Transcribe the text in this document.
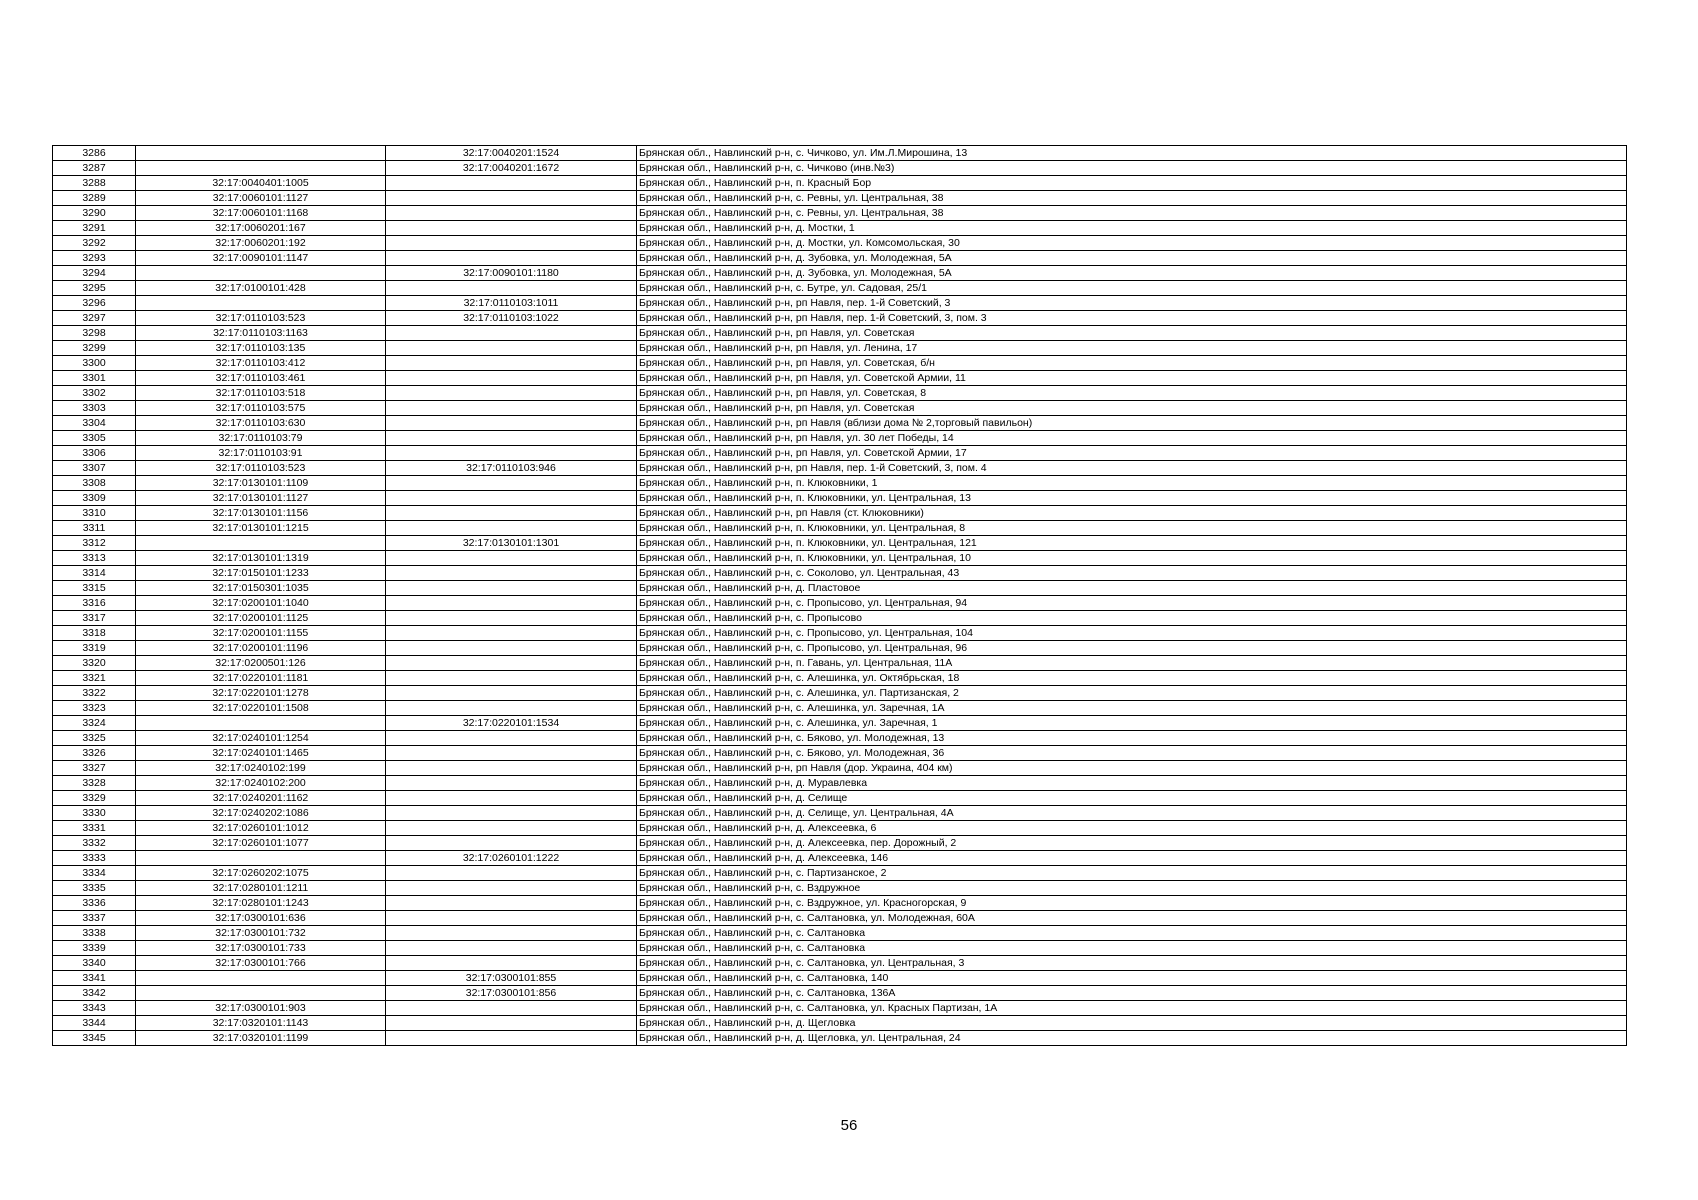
3286		32:17:0040201:1524	Брянская обл., Навлинский р-н, с. Чичково, ул. Им.Л.Мирошина, 13
3287		32:17:0040201:1672	Брянская обл., Навлинский р-н, с. Чичково (инв.№3)
3288	32:17:0040401:1005		Брянская обл., Навлинский р-н, п. Красный Бор
3289	32:17:0060101:1127		Брянская обл., Навлинский р-н, с. Ревны, ул. Центральная, 38
3290	32:17:0060101:1168		Брянская обл., Навлинский р-н, с. Ревны, ул. Центральная, 38
3291	32:17:0060201:167		Брянская обл., Навлинский р-н, д. Мостки, 1
3292	32:17:0060201:192		Брянская обл., Навлинский р-н, д. Мостки, ул. Комсомольская, 30
3293	32:17:0090101:1147		Брянская обл., Навлинский р-н, д. Зубовка, ул. Молодежная, 5А
3294		32:17:0090101:1180	Брянская обл., Навлинский р-н, д. Зубовка, ул. Молодежная, 5А
3295	32:17:0100101:428		Брянская обл., Навлинский р-н, с. Бутре, ул. Садовая, 25/1
3296		32:17:0110103:1011	Брянская обл., Навлинский р-н, рп Навля, пер. 1-й Советский, 3
3297	32:17:0110103:523	32:17:0110103:1022	Брянская обл., Навлинский р-н, рп Навля, пер. 1-й Советский, 3, пом. 3
3298	32:17:0110103:1163		Брянская обл., Навлинский р-н, рп Навля, ул. Советская
3299	32:17:0110103:135		Брянская обл., Навлинский р-н, рп Навля, ул. Ленина, 17
3300	32:17:0110103:412		Брянская обл., Навлинский р-н, рп Навля, ул. Советская, б/н
3301	32:17:0110103:461		Брянская обл., Навлинский р-н, рп Навля, ул. Советской Армии, 11
3302	32:17:0110103:518		Брянская обл., Навлинский р-н, рп Навля, ул. Советская, 8
3303	32:17:0110103:575		Брянская обл., Навлинский р-н, рп Навля, ул. Советская
3304	32:17:0110103:630		Брянская обл., Навлинский р-н, рп Навля (вблизи дома № 2,торговый павильон)
3305	32:17:0110103:79		Брянская обл., Навлинский р-н, рп Навля, ул. 30 лет Победы, 14
3306	32:17:0110103:91		Брянская обл., Навлинский р-н, рп Навля, ул. Советской Армии, 17
3307	32:17:0110103:523	32:17:0110103:946	Брянская обл., Навлинский р-н, рп Навля, пер. 1-й Советский, 3, пом. 4
3308	32:17:0130101:1109		Брянская обл., Навлинский р-н, п. Клюковники, 1
3309	32:17:0130101:1127		Брянская обл., Навлинский р-н, п. Клюковники, ул. Центральная, 13
3310	32:17:0130101:1156		Брянская обл., Навлинский р-н, рп Навля (ст. Клюковники)
3311	32:17:0130101:1215		Брянская обл., Навлинский р-н, п. Клюковники, ул. Центральная, 8
3312		32:17:0130101:1301	Брянская обл., Навлинский р-н, п. Клюковники, ул. Центральная, 121
3313	32:17:0130101:1319		Брянская обл., Навлинский р-н, п. Клюковники, ул. Центральная, 10
3314	32:17:0150101:1233		Брянская обл., Навлинский р-н, с. Соколово, ул. Центральная, 43
3315	32:17:0150301:1035		Брянская обл., Навлинский р-н, д. Пластовое
3316	32:17:0200101:1040		Брянская обл., Навлинский р-н, с. Пропысово, ул. Центральная, 94
3317	32:17:0200101:1125		Брянская обл., Навлинский р-н, с. Пропысово
3318	32:17:0200101:1155		Брянская обл., Навлинский р-н, с. Пропысово, ул. Центральная, 104
3319	32:17:0200101:1196		Брянская обл., Навлинский р-н, с. Пропысово, ул. Центральная, 96
3320	32:17:0200501:126		Брянская обл., Навлинский р-н, п. Гавань, ул. Центральная, 11А
3321	32:17:0220101:1181		Брянская обл., Навлинский р-н, с. Алешинка, ул. Октябрьская, 18
3322	32:17:0220101:1278		Брянская обл., Навлинский р-н, с. Алешинка, ул. Партизанская, 2
3323	32:17:0220101:1508		Брянская обл., Навлинский р-н, с. Алешинка, ул. Заречная, 1А
3324		32:17:0220101:1534	Брянская обл., Навлинский р-н, с. Алешинка, ул. Заречная, 1
3325	32:17:0240101:1254		Брянская обл., Навлинский р-н, с. Бяково, ул. Молодежная, 13
3326	32:17:0240101:1465		Брянская обл., Навлинский р-н, с. Бяково, ул. Молодежная, 36
3327	32:17:0240102:199		Брянская обл., Навлинский р-н, рп Навля (дор. Украина, 404 км)
3328	32:17:0240102:200		Брянская обл., Навлинский р-н, д. Муравлевка
3329	32:17:0240201:1162		Брянская обл., Навлинский р-н, д. Селище
3330	32:17:0240202:1086		Брянская обл., Навлинский р-н, д. Селище, ул. Центральная, 4А
3331	32:17:0260101:1012		Брянская обл., Навлинский р-н, д. Алексеевка, 6
3332	32:17:0260101:1077		Брянская обл., Навлинский р-н, д. Алексеевка, пер. Дорожный, 2
3333		32:17:0260101:1222	Брянская обл., Навлинский р-н, д. Алексеевка, 146
3334	32:17:0260202:1075		Брянская обл., Навлинский р-н, с. Партизанское, 2
3335	32:17:0280101:1211		Брянская обл., Навлинский р-н, с. Вздружное
3336	32:17:0280101:1243		Брянская обл., Навлинский р-н, с. Вздружное, ул. Красногорская, 9
3337	32:17:0300101:636		Брянская обл., Навлинский р-н, с. Салтановка, ул. Молодежная, 60А
3338	32:17:0300101:732		Брянская обл., Навлинский р-н, с. Салтановка
3339	32:17:0300101:733		Брянская обл., Навлинский р-н, с. Салтановка
3340	32:17:0300101:766		Брянская обл., Навлинский р-н, с. Салтановка, ул. Центральная, 3
3341		32:17:0300101:855	Брянская обл., Навлинский р-н, с. Салтановка, 140
3342		32:17:0300101:856	Брянская обл., Навлинский р-н, с. Салтановка, 136А
3343	32:17:0300101:903		Брянская обл., Навлинский р-н, с. Салтановка, ул. Красных Партизан, 1А
3344	32:17:0320101:1143		Брянская обл., Навлинский р-н, д. Щегловка
3345	32:17:0320101:1199		Брянская обл., Навлинский р-н, д. Щегловка, ул. Центральная, 24
56
